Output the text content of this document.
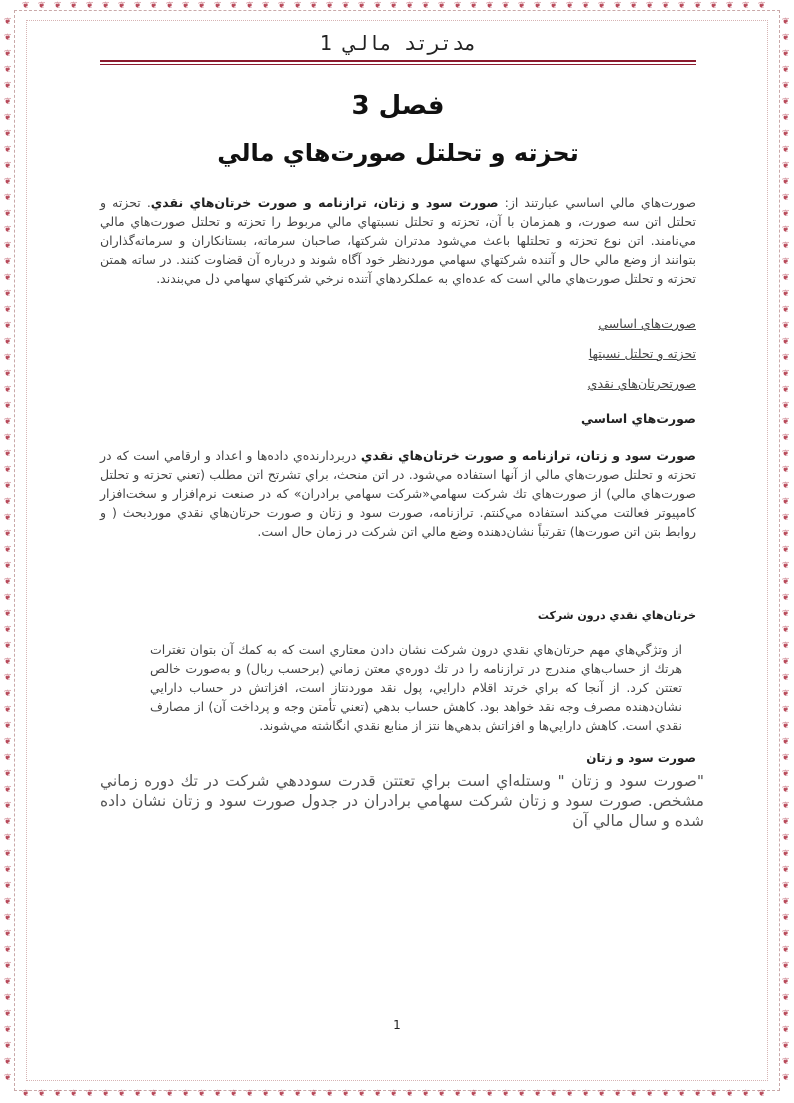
❦
❦
❦
❦
❦
❦
❦
❦
❦
❦
❦
❦
❦
❦
❦
❦
❦
❦
❦
❦
❦
❦
❦
❦
❦
❦
❦
❦
❦
❦
❦
❦
❦
❦
❦
❦
❦
❦
❦
❦
❦
❦
❦
❦
❦
❦
❦
❦
❦
❦
❦
❦
❦
❦
❦
❦
❦
❦
❦
❦
❦
❦
❦
❦
❦
❦
❦
❦
❦
❦
❦
❦
❦
❦
❦
❦
❦
❦
❦
❦
❦
❦
❦
❦
❦
❦
❦
❦
❦
❦
❦
❦
❦
❦
❦	❦
❦	❦
❦	❦
❦	❦
❦	❦
❦	❦
❦	❦
❦	❦
❦	❦
❦	❦
❦	❦
❦	❦
❦	❦
❦	❦
❦	❦
❦	❦
❦	❦
❦	❦
❦	❦
❦	❦
❦	❦
❦	❦
❦	❦
❦	❦
❦	❦
❦	❦
❦	❦
❦	❦
❦	❦
❦	❦
❦	❦
❦	❦
❦	❦
❦	❦
❦	❦
❦	❦
❦	❦
❦	❦
❦	❦
❦	❦
❦	❦
❦	❦
❦	❦
❦	❦
❦	❦
❦	❦
❦	❦
❦	❦
❦	❦
❦	❦
❦	❦
❦	❦
❦	❦
❦	❦
❦	❦
❦	❦
❦	❦
❦	❦
❦	❦
❦	❦
❦	❦
❦	❦
❦	❦
❦	❦
❦	❦
❦	❦
❦	❦
مدترتد مالي 1
فصل 3
تحزته و تحلتل صورت‌هاي مالي

صورت‌هاي مالي اساسي عبارتند از: صورت سود و زتان، ترازنامه و صورت خرتان‌هاي نقدي. تحزته و تحلتل اتن سه صورت، و همزمان با آن، تحزته و تحلتل نسبتهاي مالي مربوط را تحزته و تحلتل صورت‌هاي مالي مي‌نامند. اتن نوع تحزته و تحلتلها باعث مي‌شود مدتران شركتها، صاحبان سرماته، بستانكاران و سرماته‌گذاران بتوانند از وضع مالي حال و آتنده شركتهاي سهامي موردنظر خود آگاه شوند و درباره آن قضاوت كنند. در ساته همتن تحزته و تحلتل صورت‌هاي مالي است كه عده‌اي به عملكردهاي آتنده نرخي شركتهاي سهامي دل مي‌بندند.

صورت‌هاي اساسي
تحزته و تحلتل نسبتها
صورتحرتان‌هاي نقدي
صورت‌هاي اساسي

صورت سود و زتان، ترازنامه و صورت خرتان‌هاي نقدي دربردارنده‌ي داده‌ها و اعداد و ارقامي است كه در تحزته و تحلتل صورت‌هاي مالي از آنها استفاده مي‌شود. در اتن منحث، براي تشرتح اتن مطلب (تعني تحزته و تحلتل صورت‌هاي مالي) از صورت‌هاي تك شركت سهامي«شركت سهامي برادران» كه در صنعت نرم‌افزار و سخت‌افزار كامپيوتر فعالتت مي‌كند استفاده مي‌كنتم. ترازنامه، صورت سود و زتان و صورت حرتان‌هاي نقدي موردبحث ( و روابط بتن اتن صورت‌ها) تقرتباً نشان‌دهنده وضع مالي اتن شركت در زمان حال است.

خرتان‌هاي نقدي درون شركت

از وتژگي‌هاي مهم حرتان‌هاي نقدي درون شركت نشان دادن معتاري است كه به كمك آن بتوان تغترات هرتك از حساب‌هاي مندرج در ترازنامه را در تك دوره‌ي معتن زماني (برحسب ربال) و به‌صورت خالص تعتتن كرد. از آنجا كه براي خرتد اقلام دارايي، پول نقد موردنتاز است، افزاتش در حساب دارايي نشان‌دهنده مصرف وجه نقد خواهد بود. كاهش حساب بدهي (تعني تأمتن وجه و پرداخت آن) از مصارف نقدي است. كاهش دارايي‌ها و افزاتش بدهي‌ها نتز از منابع نقدي انگاشته مي‌شوند.

صورت سود و زتان

"صورت سود و زتان " وستله‌اي است براي تعتتن قدرت سوددهي شركت در تك دوره زماني مشخص. صورت سود و زتان شركت سهامي برادران در جدول صورت سود و زتان نشان داده شده و سال مالي آن

1
